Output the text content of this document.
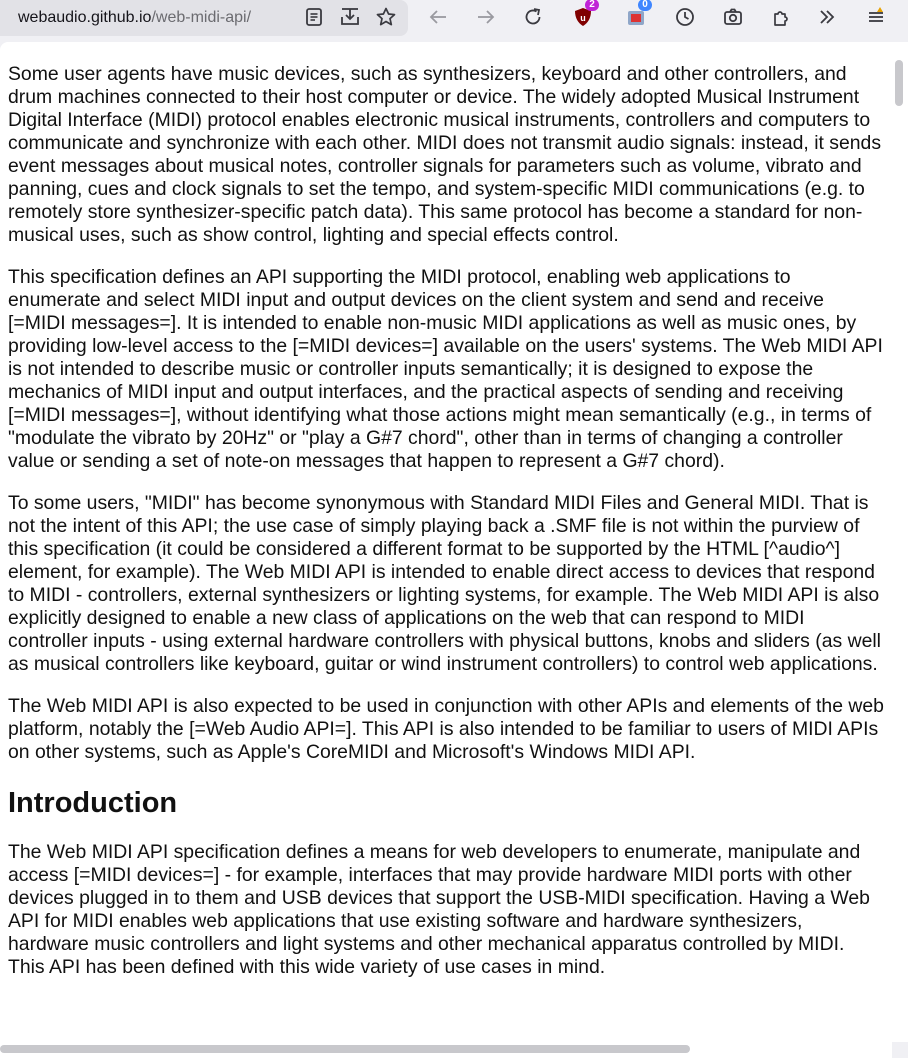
webaudio.github.io/web-midi-api/	u
2	0

Some user agents have music devices, such as synthesizers, keyboard and other controllers, and drum machines connected to their host computer or device. The widely adopted Musical Instrument Digital Interface (MIDI) protocol enables electronic musical instruments, controllers and computers to communicate and synchronize with each other. MIDI does not transmit audio signals: instead, it sends event messages about musical notes, controller signals for parameters such as volume, vibrato and panning, cues and clock signals to set the tempo, and system-specific MIDI communications (e.g. to remotely store synthesizer-specific patch data). This same protocol has become a standard for non-musical uses, such as show control, lighting and special effects control.

This specification defines an API supporting the MIDI protocol, enabling web applications to enumerate and select MIDI input and output devices on the client system and send and receive [=MIDI messages=]. It is intended to enable non-music MIDI applications as well as music ones, by providing low-level access to the [=MIDI devices=] available on the users' systems. The Web MIDI API is not intended to describe music or controller inputs semantically; it is designed to expose the mechanics of MIDI input and output interfaces, and the practical aspects of sending and receiving [=MIDI messages=], without identifying what those actions might mean semantically (e.g., in terms of "modulate the vibrato by 20Hz" or "play a G#7 chord", other than in terms of changing a controller value or sending a set of note-on messages that happen to represent a G#7 chord).

To some users, "MIDI" has become synonymous with Standard MIDI Files and General MIDI. That is not the intent of this API; the use case of simply playing back a .SMF file is not within the purview of this specification (it could be considered a different format to be supported by the HTML [^audio^] element, for example). The Web MIDI API is intended to enable direct access to devices that respond to MIDI - controllers, external synthesizers or lighting systems, for example. The Web MIDI API is also explicitly designed to enable a new class of applications on the web that can respond to MIDI controller inputs - using external hardware controllers with physical buttons, knobs and sliders (as well as musical controllers like keyboard, guitar or wind instrument controllers) to control web applications.

The Web MIDI API is also expected to be used in conjunction with other APIs and elements of the web platform, notably the [=Web Audio API=]. This API is also intended to be familiar to users of MIDI APIs on other systems, such as Apple's CoreMIDI and Microsoft's Windows MIDI API.

Introduction

The Web MIDI API specification defines a means for web developers to enumerate, manipulate and access [=MIDI devices=] - for example, interfaces that may provide hardware MIDI ports with other devices plugged in to them and USB devices that support the USB-MIDI specification. Having a Web API for MIDI enables web applications that use existing software and hardware synthesizers, hardware music controllers and light systems and other mechanical apparatus controlled by MIDI. This API has been defined with this wide variety of use cases in mind.
